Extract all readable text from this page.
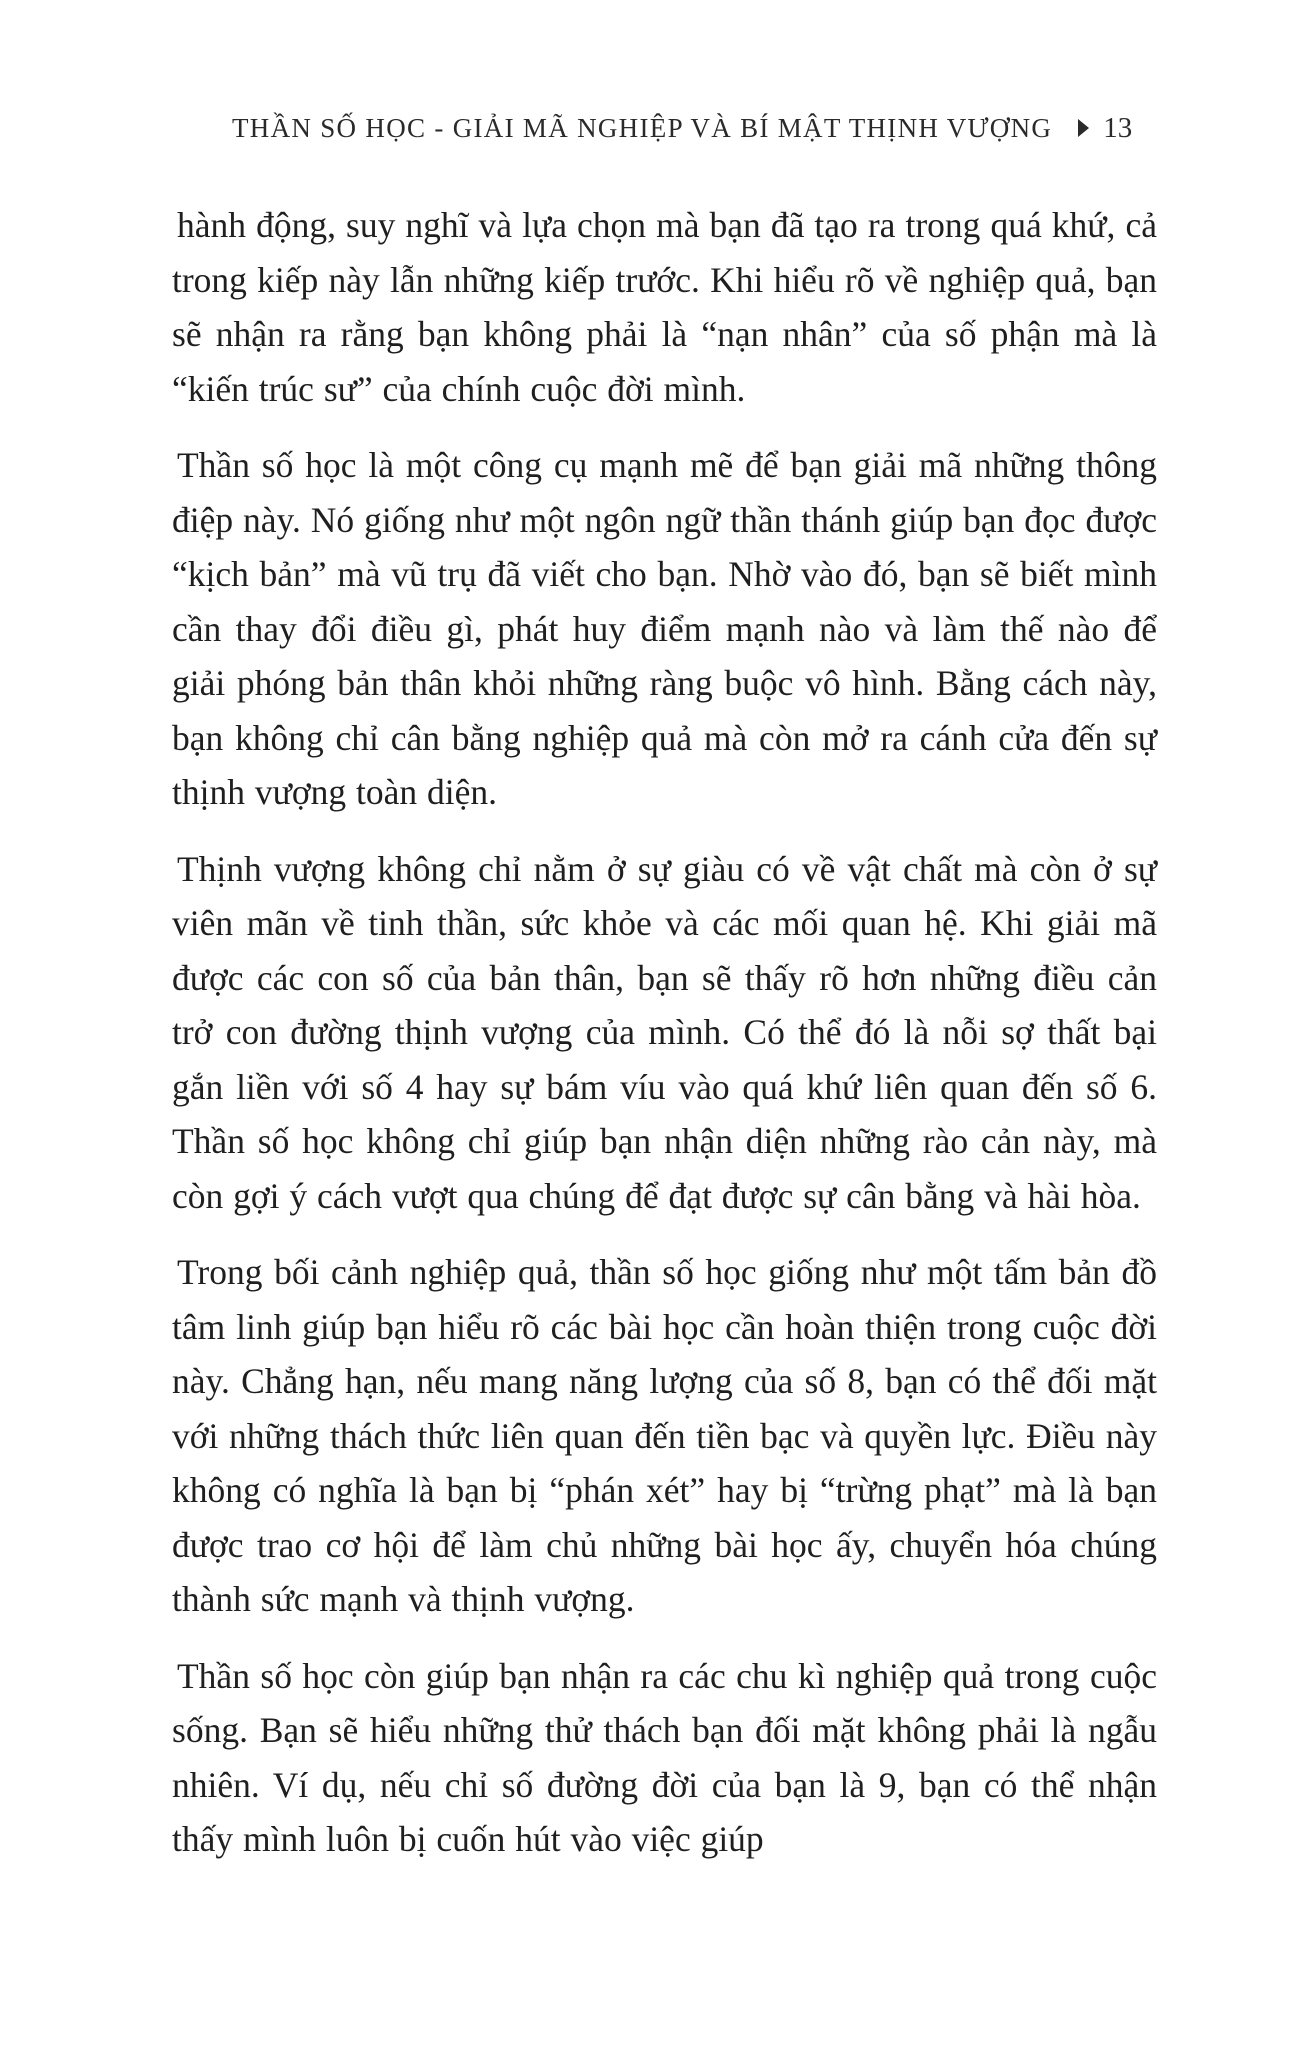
THẦN SỐ HỌC - GIẢI MÃ NGHIỆP VÀ BÍ MẬT THỊNH VƯỢNG 13

hành động, suy nghĩ và lựa chọn mà bạn đã tạo ra trong quá khứ, cả trong kiếp này lẫn những kiếp trước. Khi hiểu rõ về nghiệp quả, bạn sẽ nhận ra rằng bạn không phải là “nạn nhân” của số phận mà là “kiến trúc sư” của chính cuộc đời mình.

Thần số học là một công cụ mạnh mẽ để bạn giải mã những thông điệp này. Nó giống như một ngôn ngữ thần thánh giúp bạn đọc được “kịch bản” mà vũ trụ đã viết cho bạn. Nhờ vào đó, bạn sẽ biết mình cần thay đổi điều gì, phát huy điểm mạnh nào và làm thế nào để giải phóng bản thân khỏi những ràng buộc vô hình. Bằng cách này, bạn không chỉ cân bằng nghiệp quả mà còn mở ra cánh cửa đến sự thịnh vượng toàn diện.

Thịnh vượng không chỉ nằm ở sự giàu có về vật chất mà còn ở sự viên mãn về tinh thần, sức khỏe và các mối quan hệ. Khi giải mã được các con số của bản thân, bạn sẽ thấy rõ hơn những điều cản trở con đường thịnh vượng của mình. Có thể đó là nỗi sợ thất bại gắn liền với số 4 hay sự bám víu vào quá khứ liên quan đến số 6. Thần số học không chỉ giúp bạn nhận diện những rào cản này, mà còn gợi ý cách vượt qua chúng để đạt được sự cân bằng và hài hòa.

Trong bối cảnh nghiệp quả, thần số học giống như một tấm bản đồ tâm linh giúp bạn hiểu rõ các bài học cần hoàn thiện trong cuộc đời này. Chẳng hạn, nếu mang năng lượng của số 8, bạn có thể đối mặt với những thách thức liên quan đến tiền bạc và quyền lực. Điều này không có nghĩa là bạn bị “phán xét” hay bị “trừng phạt” mà là bạn được trao cơ hội để làm chủ những bài học ấy, chuyển hóa chúng thành sức mạnh và thịnh vượng.

Thần số học còn giúp bạn nhận ra các chu kì nghiệp quả trong cuộc sống. Bạn sẽ hiểu những thử thách bạn đối mặt không phải là ngẫu nhiên. Ví dụ, nếu chỉ số đường đời của bạn là 9, bạn có thể nhận thấy mình luôn bị cuốn hút vào việc giúp
